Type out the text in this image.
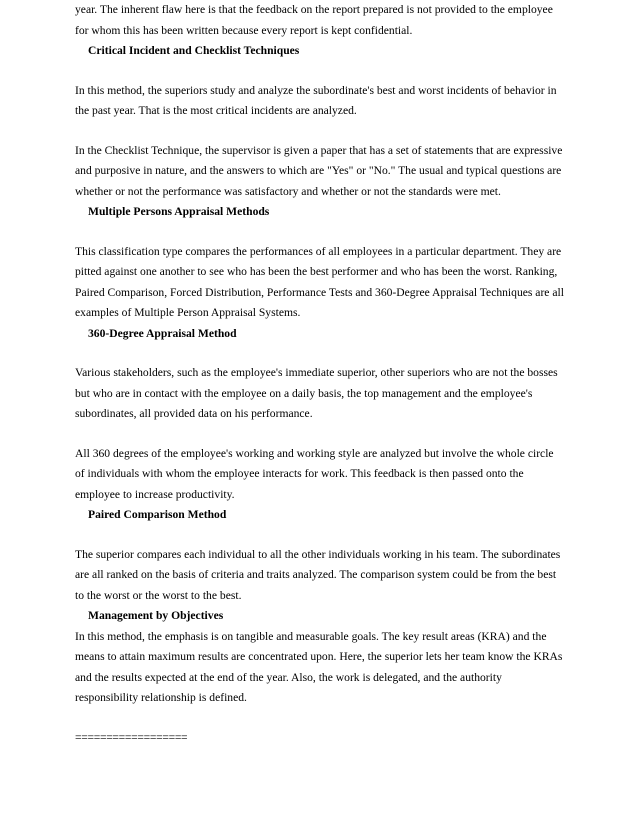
year. The inherent flaw here is that the feedback on the report prepared is not provided to the employee for whom this has been written because every report is kept confidential.

Critical Incident and Checklist Techniques

In this method, the superiors study and analyze the subordinate's best and worst incidents of behavior in the past year. That is the most critical incidents are analyzed.

In the Checklist Technique, the supervisor is given a paper that has a set of statements that are expressive and purposive in nature, and the answers to which are "Yes" or "No." The usual and typical questions are whether or not the performance was satisfactory and whether or not the standards were met.

Multiple Persons Appraisal Methods

This classification type compares the performances of all employees in a particular department. They are pitted against one another to see who has been the best performer and who has been the worst. Ranking, Paired Comparison, Forced Distribution, Performance Tests and 360-Degree Appraisal Techniques are all examples of Multiple Person Appraisal Systems.

360-Degree Appraisal Method

Various stakeholders, such as the employee's immediate superior, other superiors who are not the bosses but who are in contact with the employee on a daily basis, the top management and the employee's subordinates, all provided data on his performance.

All 360 degrees of the employee's working and working style are analyzed but involve the whole circle of individuals with whom the employee interacts for work. This feedback is then passed onto the employee to increase productivity.

Paired Comparison Method

The superior compares each individual to all the other individuals working in his team. The subordinates are all ranked on the basis of criteria and traits analyzed. The comparison system could be from the best to the worst or the worst to the best.

Management by Objectives

In this method, the emphasis is on tangible and measurable goals. The key result areas (KRA) and the means to attain maximum results are concentrated upon. Here, the superior lets her team know the KRAs and the results expected at the end of the year. Also, the work is delegated, and the authority responsibility relationship is defined.

==================
